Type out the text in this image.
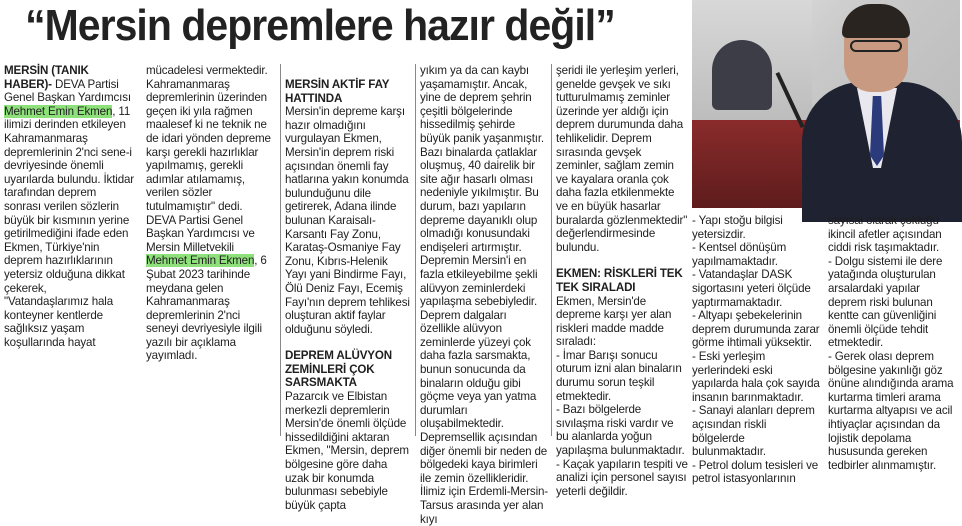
“Mersin depremlere hazır değil”

MERSİN (TANIK HABER)- DEVA Partisi Genel Başkan Yardımcısı Mehmet Emin Ekmen, 11 ilimizi derinden etkileyen Kahramanmaraş depremlerinin 2'nci sene-i devriyesinde önemli uyarılarda bulundu. İktidar tarafından deprem sonrası verilen sözlerin büyük bir kısmının yerine getirilmediğini ifade eden Ekmen, Türkiye'nin deprem hazırlıklarının yetersiz olduğuna dikkat çekerek, "Vatandaşlarımız hala konteyner kentlerde sağlıksız yaşam koşullarında hayat

mücadelesi vermektedir. Kahramanmaraş depremlerinin üzerinden geçen iki yıla rağmen maalesef ki ne teknik ne de idari yönden depreme karşı gerekli hazırlıklar yapılmamış, gerekli adımlar atılamamış, verilen sözler tutulmamıştır" dedi. DEVA Partisi Genel Başkan Yardımcısı ve Mersin Milletvekili Mehmet Emin Ekmen, 6 Şubat 2023 tarihinde meydana gelen Kahramanmaraş depremlerinin 2'nci seneyi devriyesiyle ilgili yazılı bir açıklama yayımladı.

MERSİN AKTİF FAY HATTINDA

Mersin'in depreme karşı hazır olmadığını vurgulayan Ekmen, Mersin'in deprem riski açısından önemli fay hatlarına yakın konumda bulunduğunu dile getirerek, Adana ilinde bulunan Karaisalı-Karsantı Fay Zonu, Karataş-Osmaniye Fay Zonu, Kıbrıs-Helenik Yayı yani Bindirme Fayı, Ölü Deniz Fayı, Ecemiş Fayı'nın deprem tehlikesi oluşturan aktif faylar olduğunu söyledi.

DEPREM ALÜVYON ZEMİNLERİ ÇOK SARSMAKTA

Pazarcık ve Elbistan merkezli depremlerin Mersin'de önemli ölçüde hissedildiğini aktaran Ekmen, "Mersin, deprem bölgesine göre daha uzak bir konumda bulunması sebebiyle büyük çapta

yıkım ya da can kaybı yaşamamıştır. Ancak, yine de deprem şehrin çeşitli bölgelerinde hissedilmiş şehirde büyük panik yaşanmıştır. Bazı binalarda çatlaklar oluşmuş, 40 dairelik bir site ağır hasarlı olması nedeniyle yıkılmıştır. Bu durum, bazı yapıların depreme dayanıklı olup olmadığı konusundaki endişeleri artırmıştır. Depremin Mersin'i en fazla etkileyebilme şekli alüvyon zeminlerdeki yapılaşma sebebiyledir. Deprem dalgaları özellikle alüvyon zeminlerde yüzeyi çok daha fazla sarsmakta, bunun sonucunda da binaların olduğu gibi göçme veya yan yatma durumları oluşabilmektedir. Depremsellik açısından diğer önemli bir neden de bölgedeki kaya birimleri ile zemin özellikleridir. İlimiz için Erdemli-Mersin-Tarsus arasında yer alan kıyı

şeridi ile yerleşim yerleri, genelde gevşek ve sıkı tutturulmamış zeminler üzerinde yer aldığı için deprem durumunda daha tehlikelidir. Deprem sırasında gevşek zeminler, sağlam zemin ve kayalara oranla çok daha fazla etkilenmekte ve en büyük hasarlar buralarda gözlenmektedir" değerlendirmesinde bulundu.

EKMEN: RİSKLERİ TEK TEK SIRALADI

Ekmen, Mersin'de depreme karşı yer alan riskleri madde madde sıraladı:

- İmar Barışı sonucu oturum izni alan binaların durumu sorun teşkil etmektedir.

- Bazı bölgelerde sıvılaşma riski vardır ve bu alanlarda yoğun yapılaşma bulunmaktadır.

- Kaçak yapıların tespiti ve analizi için personel sayısı yeterli değildir.

- Yapı stoğu bilgisi yetersizdir.

- Kentsel dönüşüm yapılmamaktadır.

- Vatandaşlar DASK sigortasını yeteri ölçüde yaptırmamaktadır.

- Altyapı şebekelerinin deprem durumunda zarar görme ihtimali yüksektir.

- Eski yerleşim yerlerindeki eski yapılarda hala çok sayıda insanın barınmaktadır.

- Sanayi alanları deprem açısından riskli bölgelerde bulunmaktadır.

- Petrol dolum tesisleri ve petrol istasyonlarının

sayısal olarak çokluğu ikincil afetler açısından ciddi risk taşımaktadır.

- Dolgu sistemi ile dere yatağında oluşturulan arsalardaki yapılar deprem riski bulunan kentte can güvenliğini önemli ölçüde tehdit etmektedir.

- Gerek olası deprem bölgesine yakınlığı göz önüne alındığında arama kurtarma timleri arama kurtarma altyapısı ve acil ihtiyaçlar açısından da lojistik depolama hususunda gereken tedbirler alınmamıştır.
